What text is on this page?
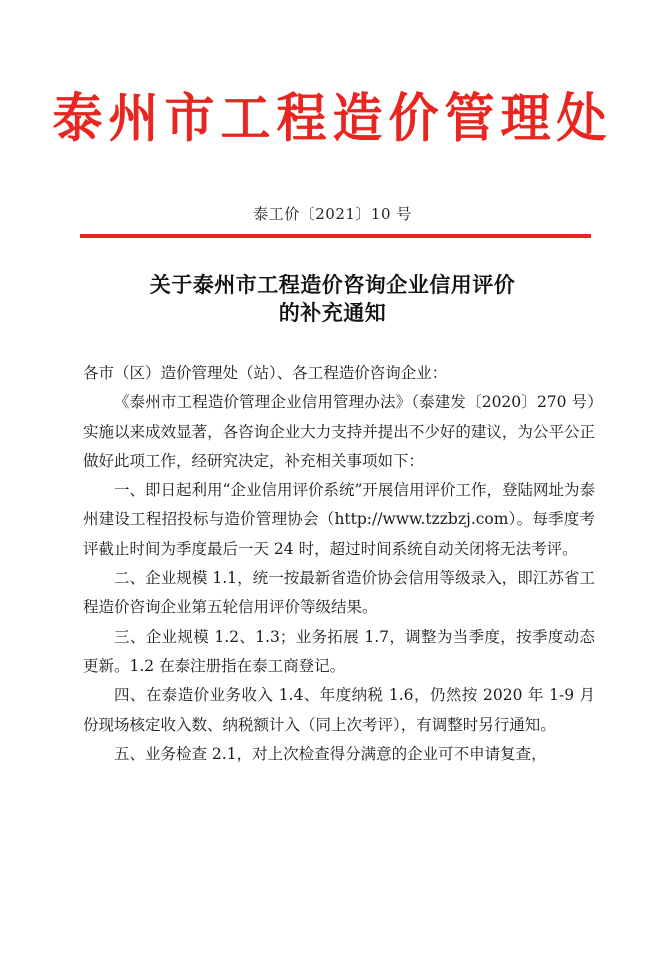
泰州市工程造价管理处
泰工价〔2021〕10 号
关于泰州市工程造价咨询企业信用评价
的补充通知

各市（区）造价管理处（站）、各工程造价咨询企业：

《泰州市工程造价管理企业信用管理办法》（泰建发〔2020〕270 号）实施以来成效显著，各咨询企业大力支持并提出不少好的建议，为公平公正做好此项工作，经研究决定，补充相关事项如下：

一、即日起利用“企业信用评价系统”开展信用评价工作，登陆网址为泰州建设工程招投标与造价管理协会（http://www.tzzbzj.com）。每季度考评截止时间为季度最后一天 24 时，超过时间系统自动关闭将无法考评。

二、企业规模 1.1，统一按最新省造价协会信用等级录入，即江苏省工程造价咨询企业第五轮信用评价等级结果。

三、企业规模 1.2、1.3；业务拓展 1.7，调整为当季度，按季度动态更新。1.2 在泰注册指在泰工商登记。

四、在泰造价业务收入 1.4、年度纳税 1.6，仍然按 2020 年 1-9 月份现场核定收入数、纳税额计入（同上次考评），有调整时另行通知。

五、业务检查 2.1，对上次检查得分满意的企业可不申请复查，
